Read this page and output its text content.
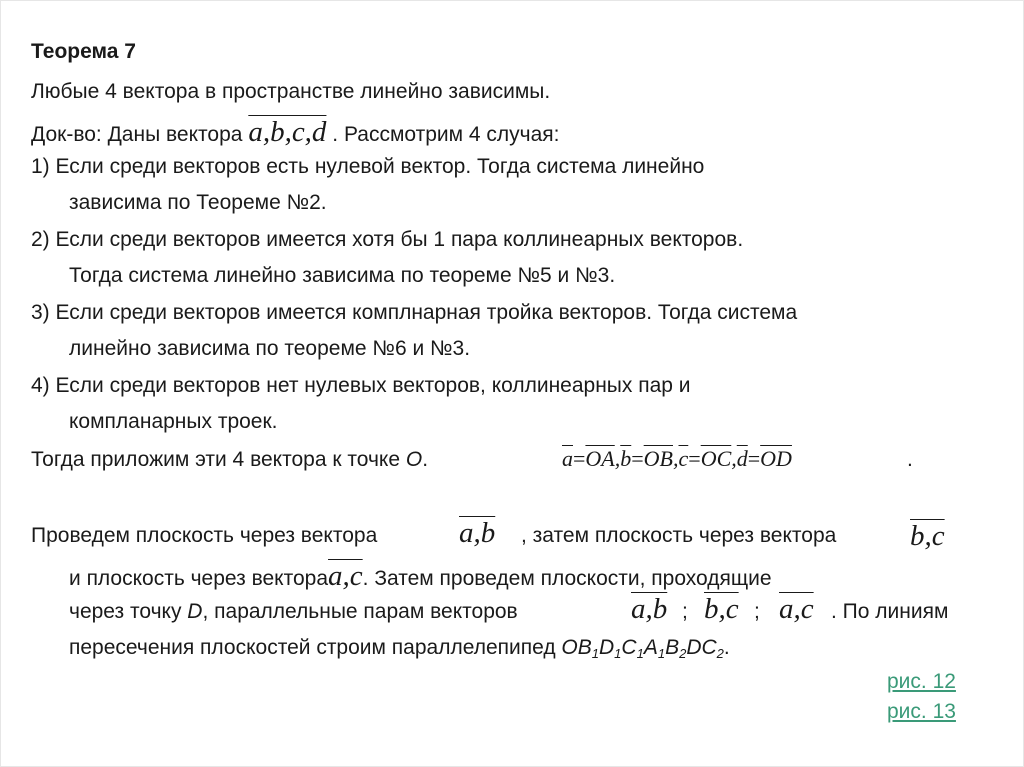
Теорема 7
Любые 4 вектора в пространстве линейно зависимы.
Док-во: Даны вектора a,b,c,d . Рассмотрим 4 случая:
1) Если среди векторов есть нулевой вектор. Тогда система линейно
зависима по Теореме №2.
2) Если среди векторов имеется хотя бы 1 пара коллинеарных векторов.
Тогда система линейно зависима по теореме №5 и №3.
3) Если среди векторов имеется комплнарная тройка векторов. Тогда система
линейно зависима по теореме №6 и №3.
4) Если среди векторов нет нулевых векторов, коллинеарных пар и
компланарных троек.
Тогда приложим эти 4 вектора к точке O.	$\overline{a}=\overline{OA},\overline{b}=\overline{OB},\overline{c}=\overline{OC},\overline{d}=\overline{OD}$	.
Проведем плоскость через вектора	a,b , затем плоскость через вектора	b,c
и плоскость через вектораa,c. Затем проведем плоскости, проходящие
через точку D, параллельные парам векторов	a,b ; b,c ; a,c . По линиям
пересечения плоскостей строим параллелепипед $OB_1D_1C_1A_1B_2DC_2$.
рис. 12
рис. 13
